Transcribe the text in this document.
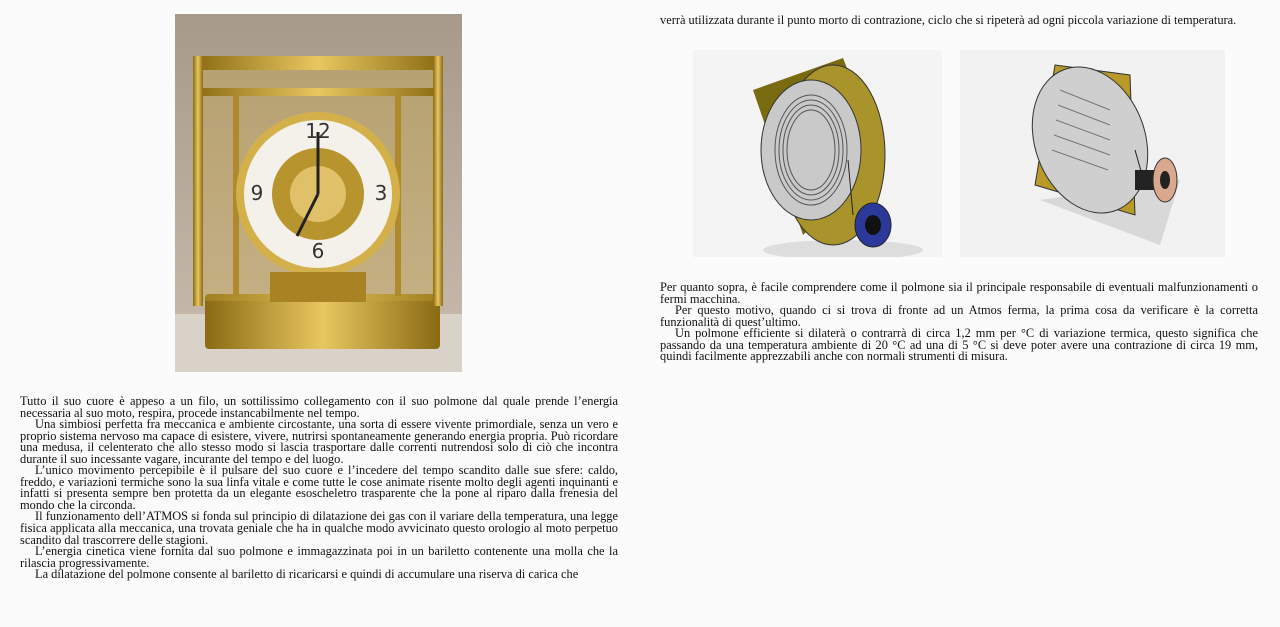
12
3
6
9

Tutto il suo cuore è appeso a un filo, un sottilissimo collegamento con il suo polmone dal quale prende l’energia necessaria al suo moto, respira, procede instancabilmente nel tempo.

Una simbiosi perfetta fra meccanica e ambiente circostante, una sorta di essere vivente primordiale, senza un vero e proprio sistema nervoso ma capace di esistere, vivere, nutrirsi spontaneamente generando energia propria. Può ricordare una medusa, il celenterato che allo stesso modo si lascia trasportare dalle correnti nutrendosi solo di ciò che incontra durante il suo incessante vagare, incurante del tempo e del luogo.

L’unico movimento percepibile è il pulsare del suo cuore e l’incedere del tempo scandito dalle sue sfere: caldo, freddo, e variazioni termiche sono la sua linfa vitale e come tutte le cose animate risente molto degli agenti inquinanti e infatti si presenta sempre ben protetta da un elegante esoscheletro trasparente che la pone al riparo dalla frenesia del mondo che la circonda.

Il funzionamento dell’ATMOS si fonda sul principio di dilatazione dei gas con il variare della temperatura, una legge fisica applicata alla meccanica, una trovata geniale che ha in qualche modo avvicinato questo orologio al moto perpetuo scandito dal trascorrere delle stagioni.

L’energia cinetica viene fornita dal suo polmone e immagazzinata poi in un bariletto contenente una molla che la rilascia progressivamente.

La dilatazione del polmone consente al bariletto di ricaricarsi e quindi di accumulare una riserva di carica che

verrà utilizzata durante il punto morto di contrazione, ciclo che si ripeterà ad ogni piccola variazione di temperatura.

Per quanto sopra, è facile comprendere come il polmone sia il principale responsabile di eventuali malfunzionamenti o fermi macchina.

Per questo motivo, quando ci si trova di fronte ad un Atmos ferma, la prima cosa da verificare è la corretta funzionalità di quest’ultimo.

Un polmone efficiente si dilaterà o contrarrà di circa 1,2 mm per °C di variazione termica, questo significa che passando da una temperatura ambiente di 20 °C ad una di 5 °C si deve poter avere una contrazione di circa 19 mm, quindi facilmente apprezzabili anche con normali strumenti di misura.
